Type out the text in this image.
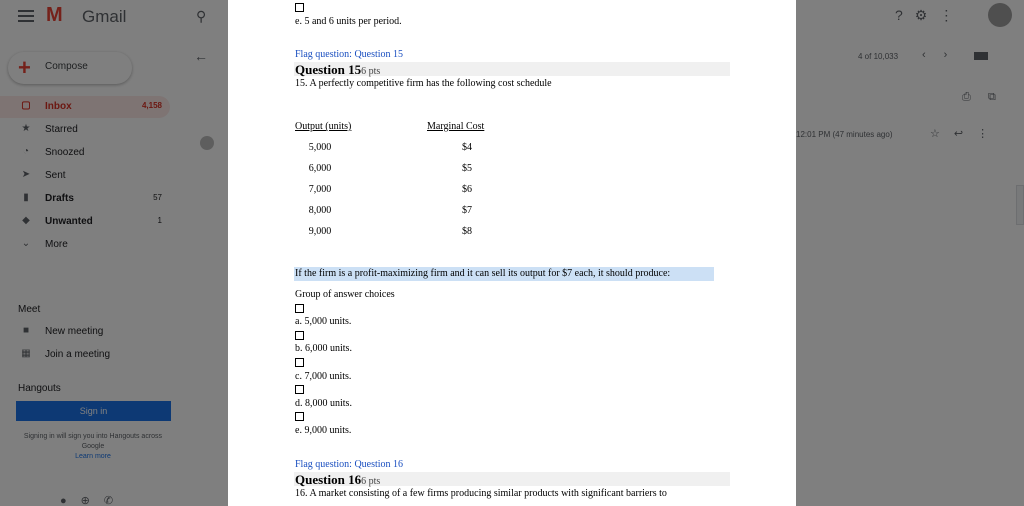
e. 5 and 6 units per period.
Flag question: Question 15
Question 156 pts
15. A perfectly competitive firm has the following cost schedule
Output (units)	Marginal Cost
5,000	$4
6,000	$5
7,000	$6
8,000	$7
9,000	$8
If the firm is a profit-maximizing firm and it can sell its output for $7 each, it should produce:
Group of answer choices
a. 5,000 units.
b. 6,000 units.
c. 7,000 units.
d. 8,000 units.
e. 9,000 units.
Flag question: Question 16
Question 166 pts
16. A market consisting of a few firms producing similar products with significant barriers to
